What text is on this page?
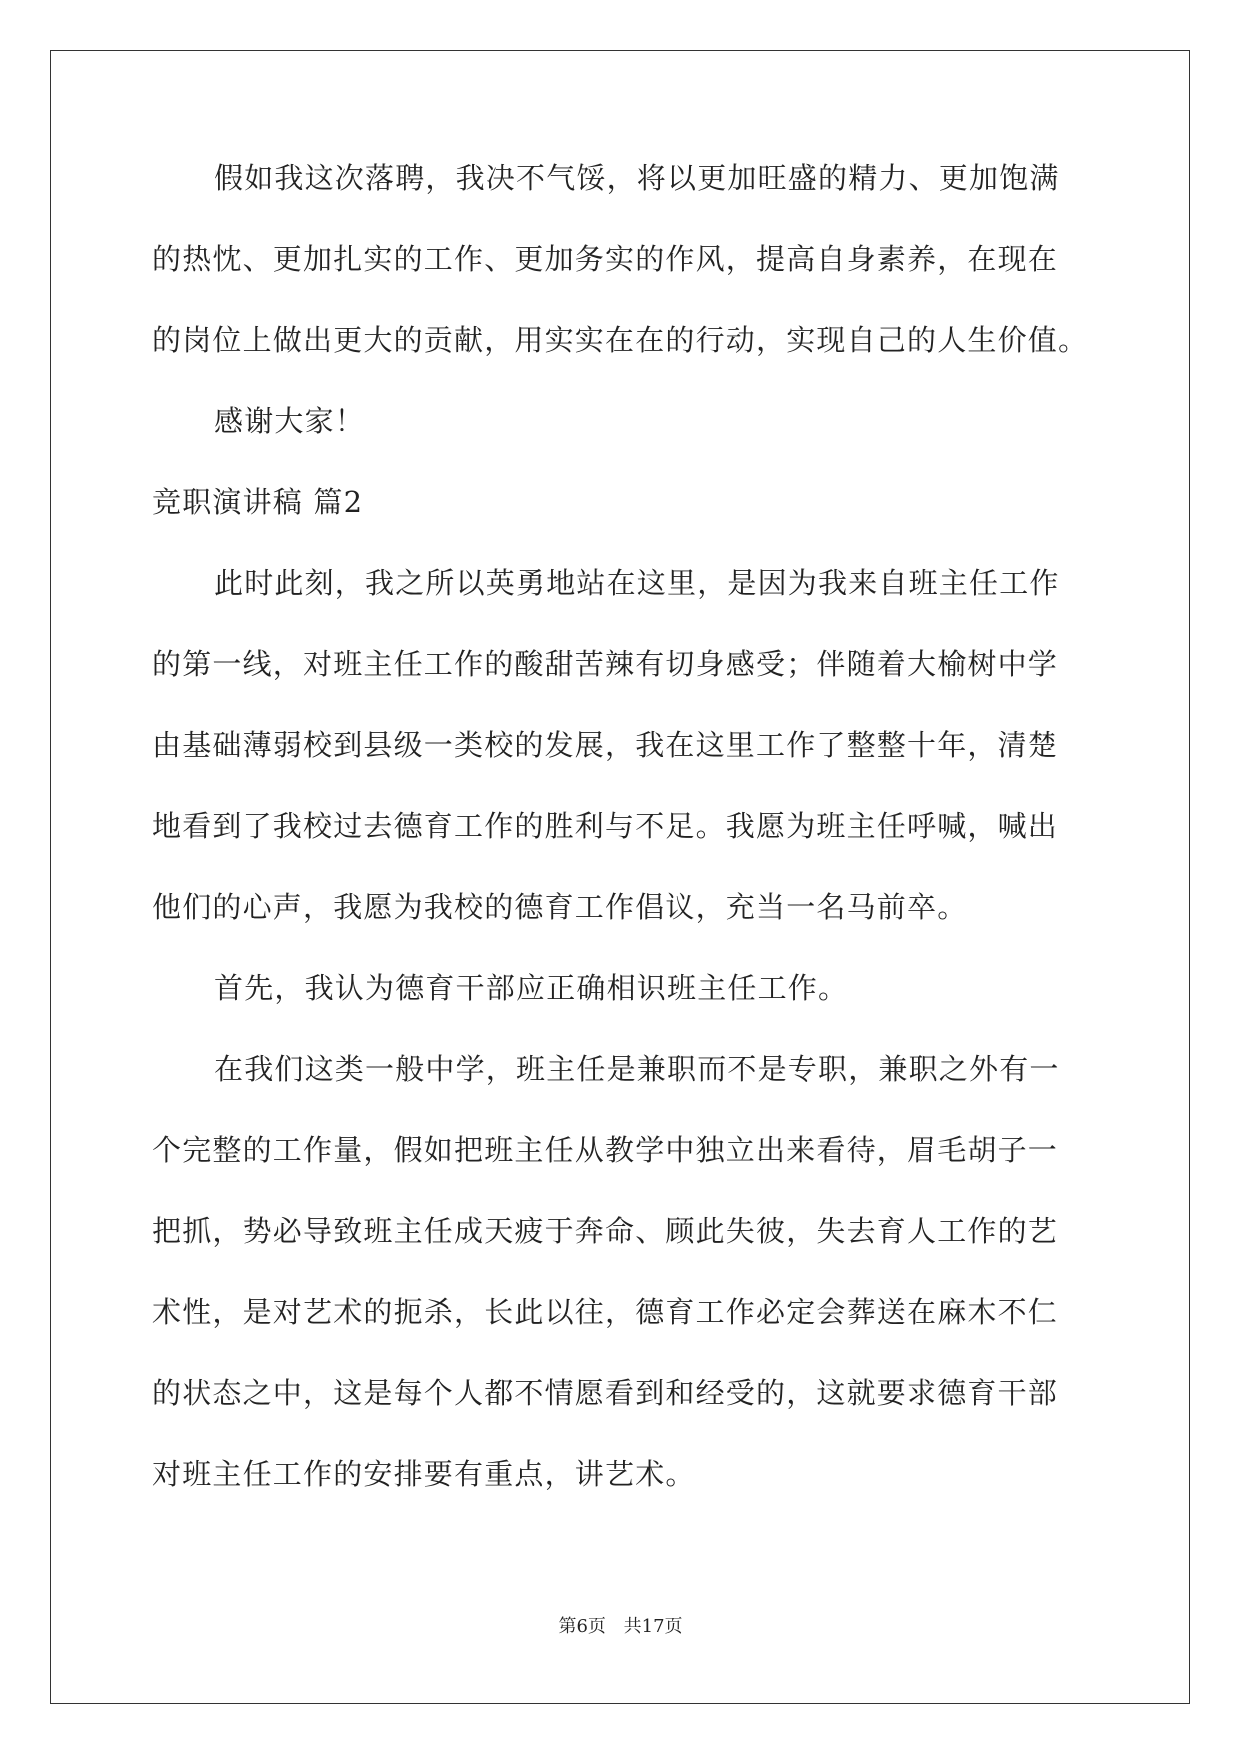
假如我这次落聘，我决不气馁，将以更加旺盛的精力、更加饱满
的热忱、更加扎实的工作、更加务实的作风，提高自身素养，在现在
的岗位上做出更大的贡献，用实实在在的行动，实现自己的人生价值。
感谢大家！
竞职演讲稿 篇2
此时此刻，我之所以英勇地站在这里，是因为我来自班主任工作
的第一线，对班主任工作的酸甜苦辣有切身感受；伴随着大榆树中学
由基础薄弱校到县级一类校的发展，我在这里工作了整整十年，清楚
地看到了我校过去德育工作的胜利与不足。我愿为班主任呼喊，喊出
他们的心声，我愿为我校的德育工作倡议，充当一名马前卒。
首先，我认为德育干部应正确相识班主任工作。
在我们这类一般中学，班主任是兼职而不是专职，兼职之外有一
个完整的工作量，假如把班主任从教学中独立出来看待，眉毛胡子一
把抓，势必导致班主任成天疲于奔命、顾此失彼，失去育人工作的艺
术性，是对艺术的扼杀，长此以往，德育工作必定会葬送在麻木不仁
的状态之中，这是每个人都不情愿看到和经受的，这就要求德育干部
对班主任工作的安排要有重点，讲艺术。
第6页 共17页
